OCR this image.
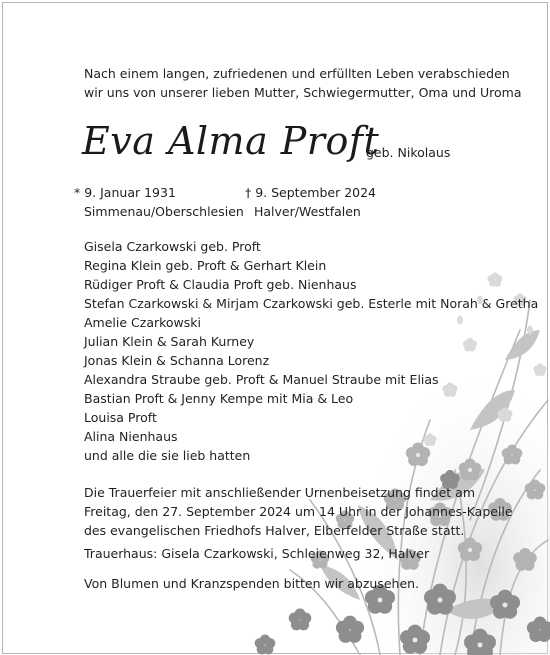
Nach einem langen, zufriedenen und erfüllten Leben verabschieden
wir uns von unserer lieben Mutter, Schwiegermutter, Oma und Uroma
Eva Alma Proft
geb. Nikolaus
* 9. Januar 1931
Simmenau/Oberschlesien
† 9. September 2024
Halver/Westfalen
Gisela Czarkowski geb. Proft
Regina Klein geb. Proft & Gerhart Klein
Rüdiger Proft & Claudia Proft geb. Nienhaus
Stefan Czarkowski & Mirjam Czarkowski geb. Esterle mit Norah & Gretha
Amelie Czarkowski
Julian Klein & Sarah Kurney
Jonas Klein & Schanna Lorenz
Alexandra Straube geb. Proft & Manuel Straube mit Elias
Bastian Proft & Jenny Kempe mit Mia & Leo
Louisa Proft
Alina Nienhaus
und alle die sie lieb hatten
Die Trauerfeier mit anschließender Urnenbeisetzung findet am
Freitag, den 27. September 2024 um 14 Uhr in der Johannes-Kapelle
des evangelischen Friedhofs Halver, Elberfelder Straße statt.
Trauerhaus: Gisela Czarkowski, Schleienweg 32, Halver
Von Blumen und Kranzspenden bitten wir abzusehen.
